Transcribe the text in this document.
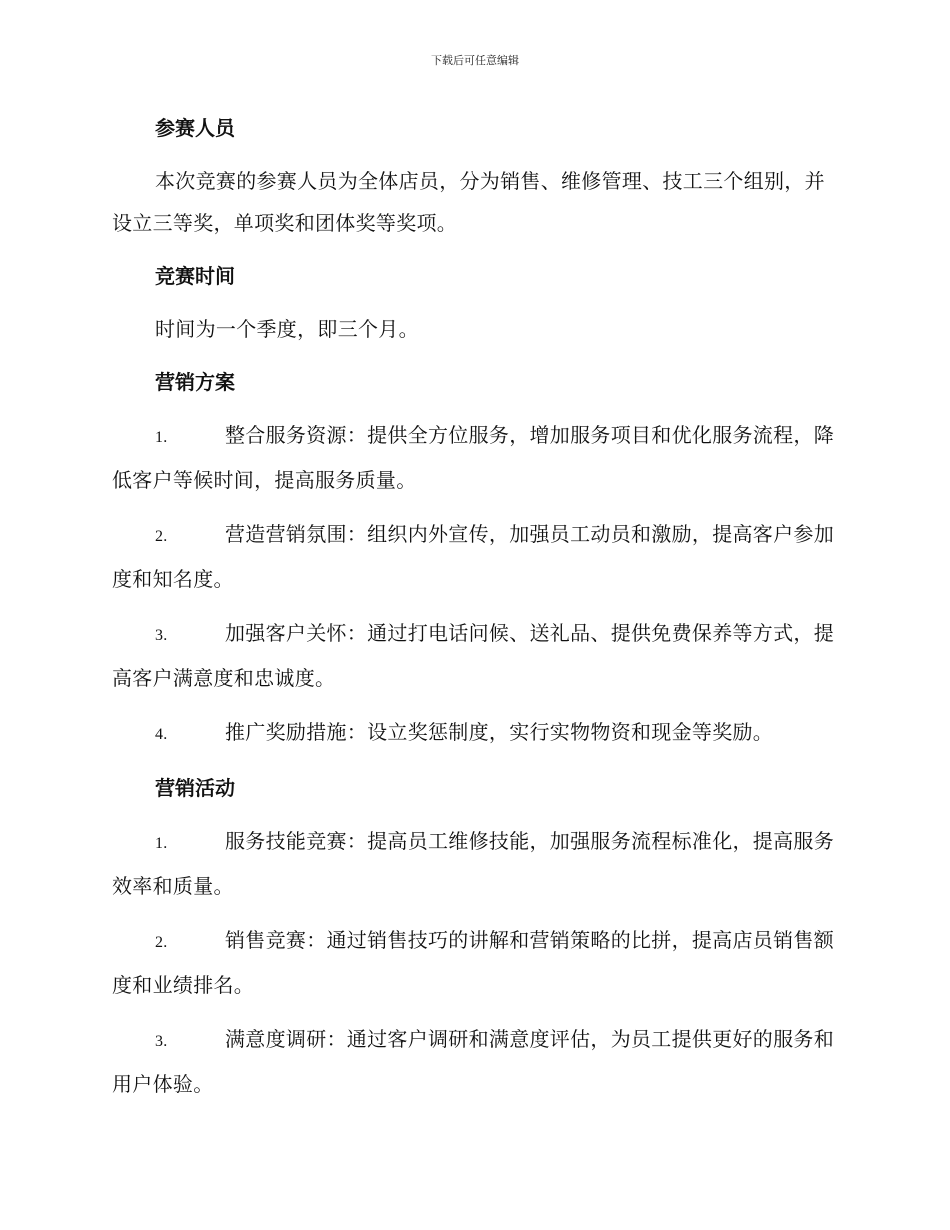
下载后可任意编辑
参赛人员
本次竞赛的参赛人员为全体店员，分为销售、维修管理、技工三个组别，并设立三等奖，单项奖和团体奖等奖项。
竞赛时间
时间为一个季度，即三个月。
营销方案
1.	整合服务资源：提供全方位服务，增加服务项目和优化服务流程，降低客户等候时间，提高服务质量。
2.	营造营销氛围：组织内外宣传，加强员工动员和激励，提高客户参加度和知名度。
3.	加强客户关怀：通过打电话问候、送礼品、提供免费保养等方式，提高客户满意度和忠诚度。
4.	推广奖励措施：设立奖惩制度，实行实物物资和现金等奖励。
营销活动
1.	服务技能竞赛：提高员工维修技能，加强服务流程标准化，提高服务效率和质量。
2.	销售竞赛：通过销售技巧的讲解和营销策略的比拼，提高店员销售额度和业绩排名。
3.	满意度调研：通过客户调研和满意度评估，为员工提供更好的服务和用户体验。
